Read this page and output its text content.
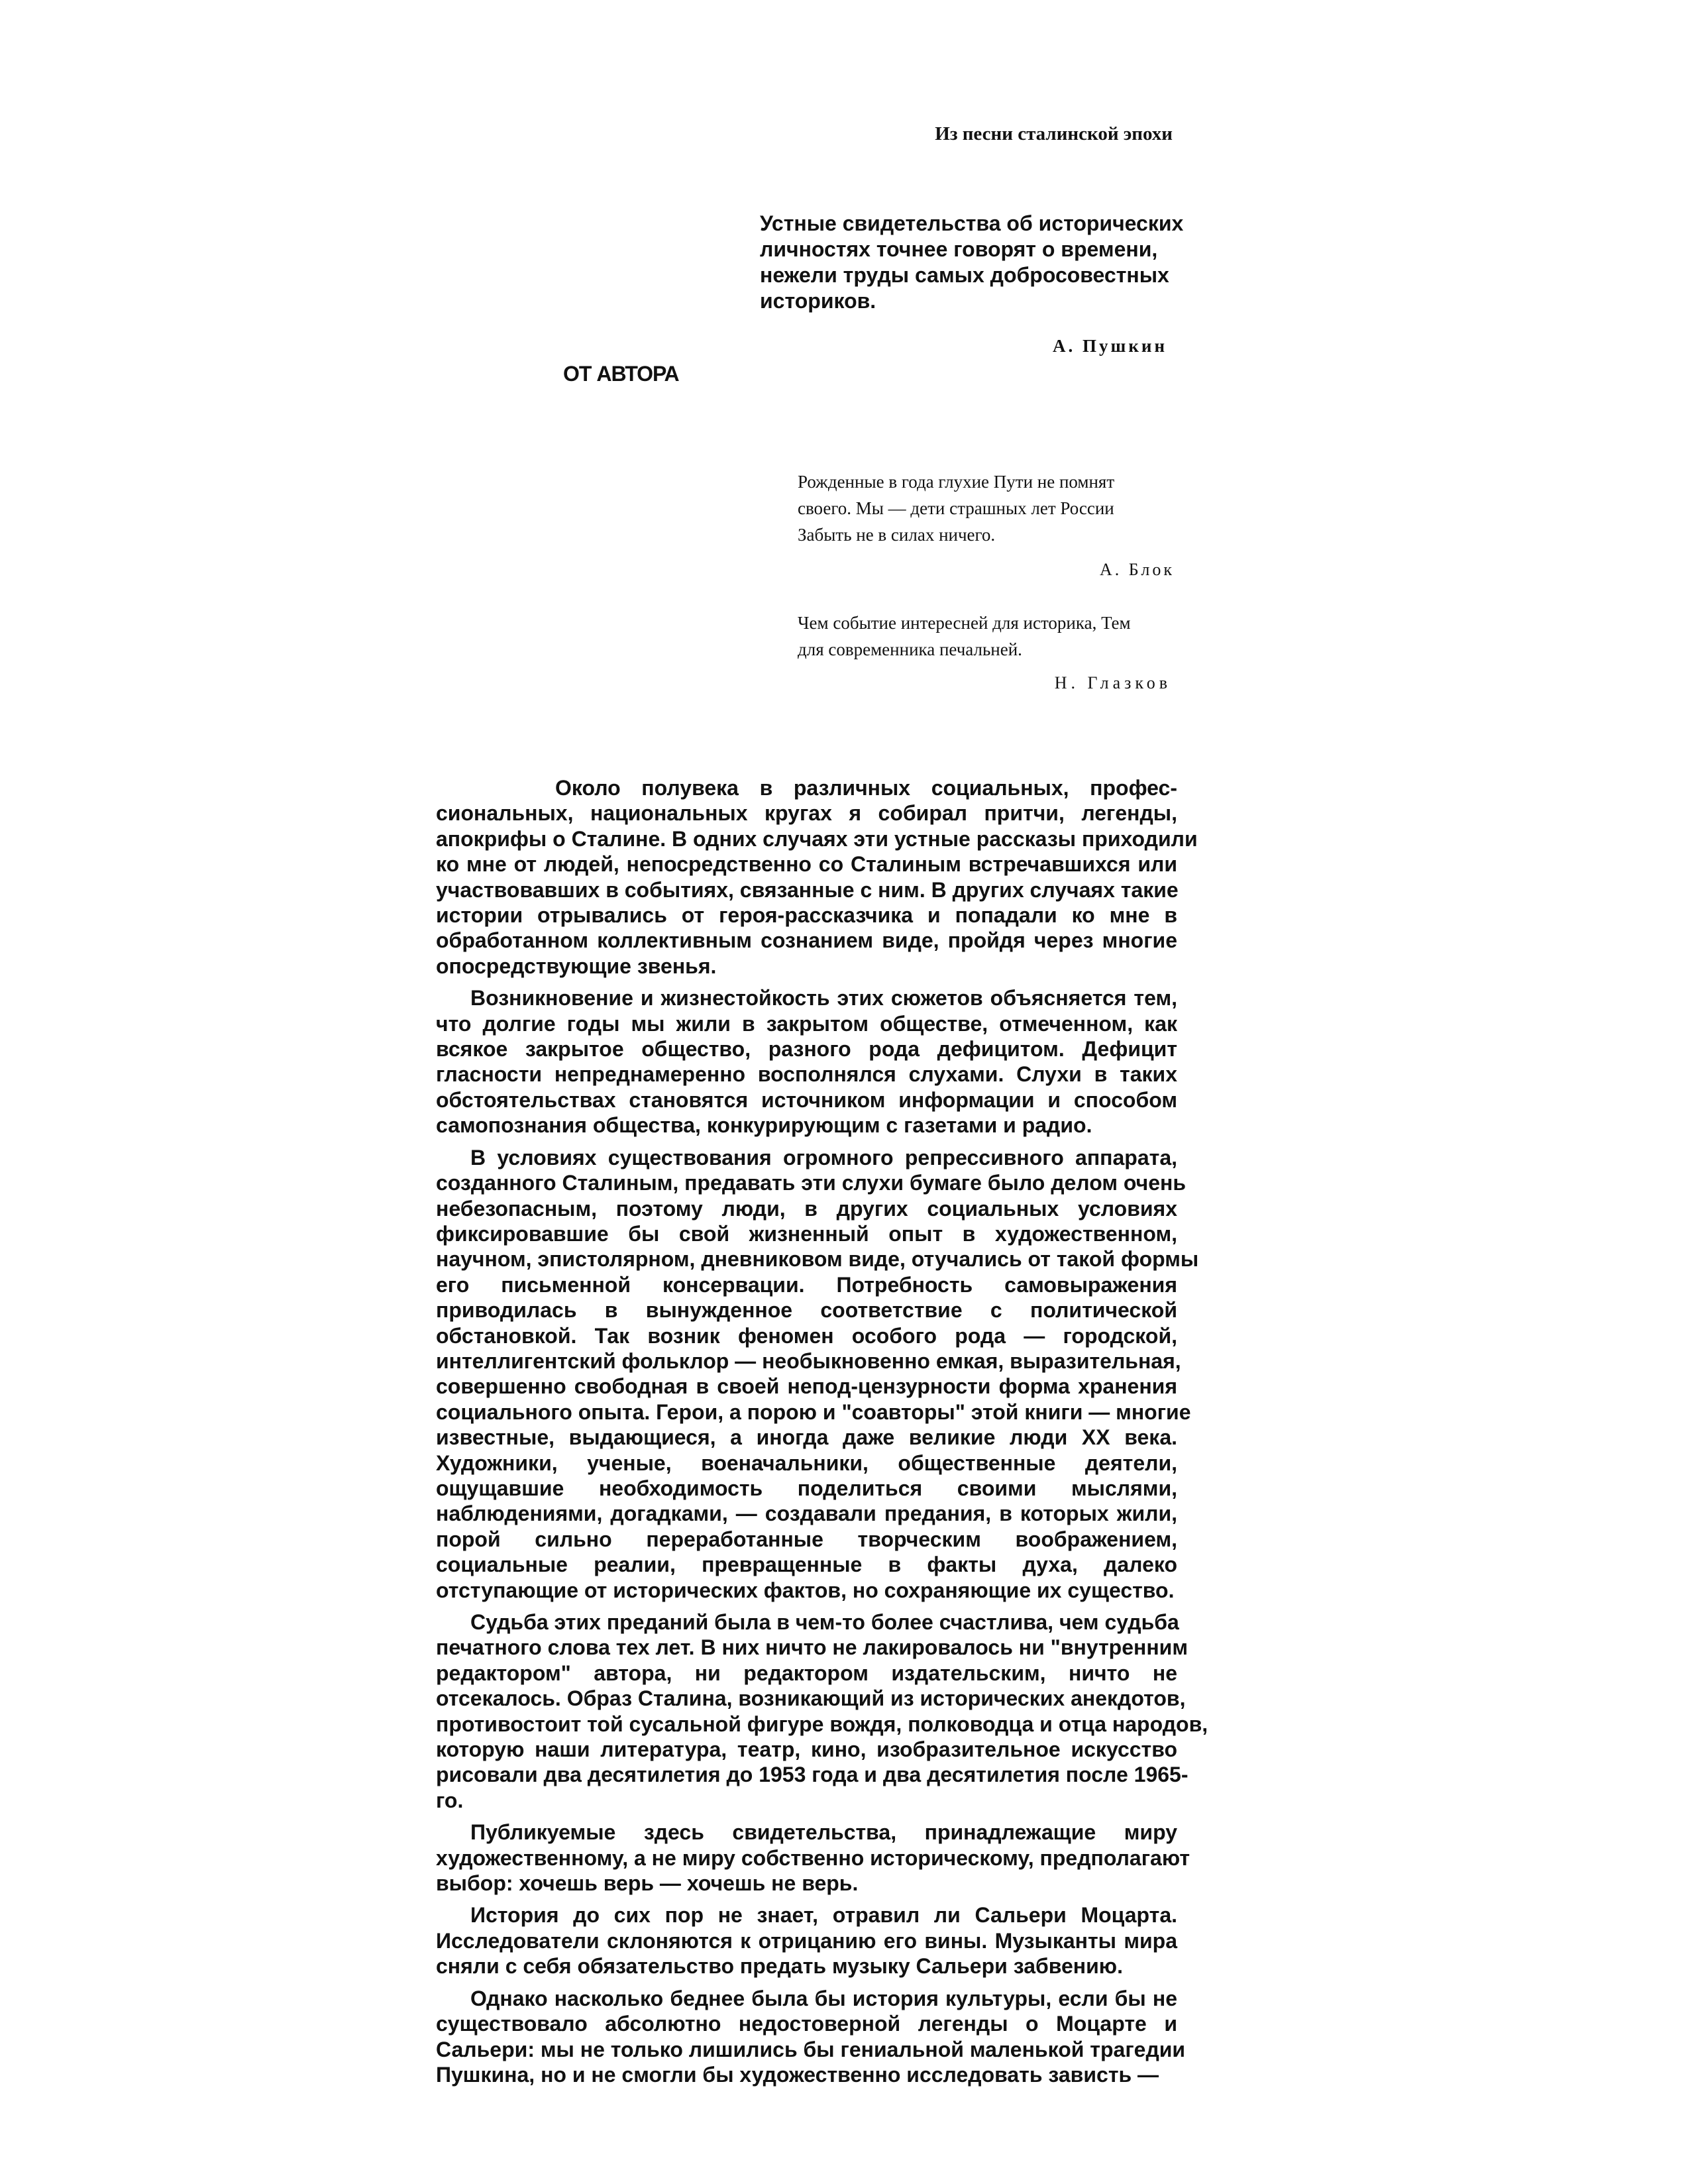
Из песни сталинской эпохи
Устные свидетельства об исторических
личностях точнее говорят о времени,
нежели труды самых добросовестных
историков.
А. Пушкин
ОТ АВТОРА
Рожденные в года глухие Пути не помнят
своего. Мы — дети страшных лет России
Забыть не в силах ничего.
А. Блок
Чем событие интересней для историка, Тем
для современника печальней.
Н. Глазков
Около полувека в различных социальных, профес-
сиональных, национальных кругах я собирал притчи, легенды,
апокрифы о Сталине. В одних случаях эти устные рассказы приходили
ко мне от людей, непосредственно со Сталиным встречавшихся или
участвовавших в событиях, связанные с ним. В других случаях такие
истории отрывались от героя-рассказчика и попадали ко мне в
обработанном коллективным сознанием виде, пройдя через многие
опосредствующие звенья.
Возникновение и жизнестойкость этих сюжетов объясняется тем,
что долгие годы мы жили в закрытом обществе, отмеченном, как
всякое закрытое общество, разного рода дефицитом. Дефицит
гласности непреднамеренно восполнялся слухами. Слухи в таких
обстоятельствах становятся источником информации и способом
самопознания общества, конкурирующим с газетами и радио.
В условиях существования огромного репрессивного аппарата,
созданного Сталиным, предавать эти слухи бумаге было делом очень
небезопасным, поэтому люди, в других социальных условиях
фиксировавшие бы свой жизненный опыт в художественном,
научном, эпистолярном, дневниковом виде, отучались от такой формы
его письменной консервации. Потребность самовыражения
приводилась в вынужденное соответствие с политической
обстановкой. Так возник феномен особого рода — городской,
интеллигентский фольклор — необыкновенно емкая, выразительная,
совершенно свободная в своей непод-цензурности форма хранения
социального опыта. Герои, а порою и "соавторы" этой книги — многие
известные, выдающиеся, а иногда даже великие люди XX века.
Художники, ученые, военачальники, общественные деятели,
ощущавшие необходимость поделиться своими мыслями,
наблюдениями, догадками, — создавали предания, в которых жили,
порой сильно переработанные творческим воображением,
социальные реалии, превращенные в факты духа, далеко
отступающие от исторических фактов, но сохраняющие их существо.
Судьба этих преданий была в чем-то более счастлива, чем судьба
печатного слова тех лет. В них ничто не лакировалось ни "внутренним
редактором" автора, ни редактором издательским, ничто не
отсекалось. Образ Сталина, возникающий из исторических анекдотов,
противостоит той сусальной фигуре вождя, полководца и отца народов,
которую наши литература, театр, кино, изобразительное искусство
рисовали два десятилетия до 1953 года и два десятилетия после 1965-
го.
Публикуемые здесь свидетельства, принадлежащие миру
художественному, а не миру собственно историческому, предполагают
выбор: хочешь верь — хочешь не верь.
История до сих пор не знает, отравил ли Сальери Моцарта.
Исследователи склоняются к отрицанию его вины. Музыканты мира
сняли с себя обязательство предать музыку Сальери забвению.
Однако насколько беднее была бы история культуры, если бы не
существовало абсолютно недостоверной легенды о Моцарте и
Сальери: мы не только лишились бы гениальной маленькой трагедии
Пушкина, но и не смогли бы художественно исследовать зависть —
